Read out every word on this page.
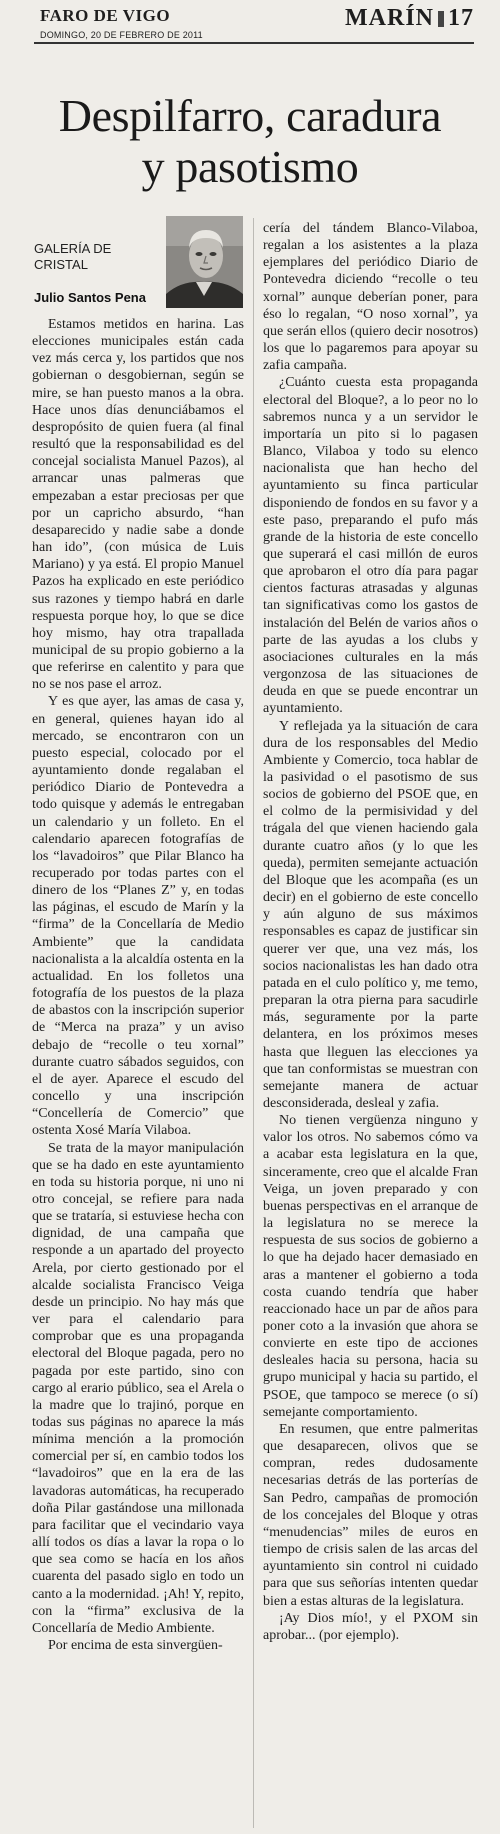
FARO DE VIGO
DOMINGO, 20 DE FEBRERO DE 2011
MARÍN 17
Despilfarro, caradura
y pasotismo
GALERÍA DE CRISTAL
Julio Santos Pena

Estamos metidos en harina. Las elecciones municipales están cada vez más cerca y, los partidos que nos gobiernan o desgobiernan, según se mire, se han puesto manos a la obra. Hace unos días denunciábamos el despropósito de quien fuera (al final resultó que la responsabilidad es del concejal socialista Manuel Pazos), al arrancar unas palmeras que empezaban a estar preciosas per que por un capricho absurdo, “han desaparecido y nadie sabe a donde han ido”, (con música de Luis Mariano) y ya está. El propio Manuel Pazos ha explicado en este periódico sus razones y tiempo habrá en darle respuesta porque hoy, lo que se dice hoy mismo, hay otra trapallada municipal de su propio gobierno a la que referirse en calentito y para que no se nos pase el arroz.

Y es que ayer, las amas de casa y, en general, quienes hayan ido al mercado, se encontraron con un puesto especial, colocado por el ayuntamiento donde regalaban el periódico Diario de Pontevedra a todo quisque y además le entregaban un calendario y un folleto. En el calendario aparecen fotografías de los “lavadoiros” que Pilar Blanco ha recuperado por todas partes con el dinero de los “Planes Z” y, en todas las páginas, el escudo de Marín y la “firma” de la Concellaría de Medio Ambiente” que la candidata nacionalista a la alcaldía ostenta en la actualidad. En los folletos una fotografía de los puestos de la plaza de abastos con la inscripción superior de “Merca na praza” y un aviso debajo de “recolle o teu xornal” durante cuatro sábados seguidos, con el de ayer. Aparece el escudo del concello y una inscripción “Concellería de Comercio” que ostenta Xosé María Vilaboa.

Se trata de la mayor manipulación que se ha dado en este ayuntamiento en toda su historia porque, ni uno ni otro concejal, se refiere para nada que se trataría, si estuviese hecha con dignidad, de una campaña que responde a un apartado del proyecto Arela, por cierto gestionado por el alcalde socialista Francisco Veiga desde un principio. No hay más que ver para el calendario para comprobar que es una propaganda electoral del Bloque pagada, pero no pagada por este partido, sino con cargo al erario público, sea el Arela o la madre que lo trajinó, porque en todas sus páginas no aparece la más mínima mención a la promoción comercial per sí, en cambio todos los “lavadoiros” que en la era de las lavadoras automáticas, ha recuperado doña Pilar gastándose una millonada para facilitar que el vecindario vaya allí todos os días a lavar la ropa o lo que sea como se hacía en los años cuarenta del pasado siglo en todo un canto a la modernidad. ¡Ah! Y, repito, con la “firma” exclusiva de la Concellaría de Medio Ambiente.

Por encima de esta sinvergüen-

cería del tándem Blanco-Vilaboa, regalan a los asistentes a la plaza ejemplares del periódico Diario de Pontevedra diciendo “recolle o teu xornal” aunque deberían poner, para éso lo regalan, “O noso xornal”, ya que serán ellos (quiero decir nosotros) los que lo pagaremos para apoyar su zafia campaña.

¿Cuánto cuesta esta propaganda electoral del Bloque?, a lo peor no lo sabremos nunca y a un servidor le importaría un pito si lo pagasen Blanco, Vilaboa y todo su elenco nacionalista que han hecho del ayuntamiento su finca particular disponiendo de fondos en su favor y a este paso, preparando el pufo más grande de la historia de este concello que superará el casi millón de euros que aprobaron el otro día para pagar cientos facturas atrasadas y algunas tan significativas como los gastos de instalación del Belén de varios años o parte de las ayudas a los clubs y asociaciones culturales en la más vergonzosa de las situaciones de deuda en que se puede encontrar un ayuntamiento.

Y reflejada ya la situación de cara dura de los responsables del Medio Ambiente y Comercio, toca hablar de la pasividad o el pasotismo de sus socios de gobierno del PSOE que, en el colmo de la permisividad y del trágala del que vienen haciendo gala durante cuatro años (y lo que les queda), permiten semejante actuación del Bloque que les acompaña (es un decir) en el gobierno de este concello y aún alguno de sus máximos responsables es capaz de justificar sin querer ver que, una vez más, los socios nacionalistas les han dado otra patada en el culo político y, me temo, preparan la otra pierna para sacudirle más, seguramente por la parte delantera, en los próximos meses hasta que lleguen las elecciones ya que tan conformistas se muestran con semejante manera de actuar desconsiderada, desleal y zafia.

No tienen vergüenza ninguno y valor los otros. No sabemos cómo va a acabar esta legislatura en la que, sinceramente, creo que el alcalde Fran Veiga, un joven preparado y con buenas perspectivas en el arranque de la legislatura no se merece la respuesta de sus socios de gobierno a lo que ha dejado hacer demasiado en aras a mantener el gobierno a toda costa cuando tendría que haber reaccionado hace un par de años para poner coto a la invasión que ahora se convierte en este tipo de acciones desleales hacia su persona, hacia su grupo municipal y hacia su partido, el PSOE, que tampoco se merece (o sí) semejante comportamiento.

En resumen, que entre palmeritas que desaparecen, olivos que se compran, redes dudosamente necesarias detrás de las porterías de San Pedro, campañas de promoción de los concejales del Bloque y otras “menudencias” miles de euros en tiempo de crisis salen de las arcas del ayuntamiento sin control ni cuidado para que sus señorías intenten quedar bien a estas alturas de la legislatura.

¡Ay Dios mío!, y el PXOM sin aprobar... (por ejemplo).
